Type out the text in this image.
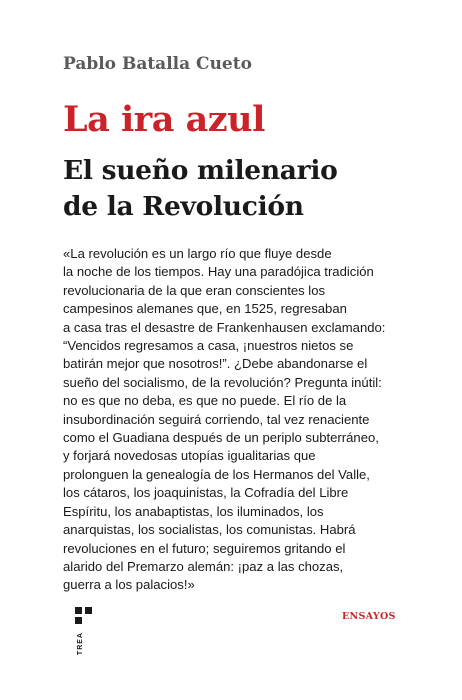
Pablo Batalla Cueto
La ira azul
El sueño milenario
de la Revolución
«La revolución es un largo río que fluye desde
la noche de los tiempos. Hay una paradójica tradición
revolucionaria de la que eran conscientes los
campesinos alemanes que, en 1525, regresaban
a casa tras el desastre de Frankenhausen exclamando:
“Vencidos regresamos a casa, ¡nuestros nietos se
batirán mejor que nosotros!”. ¿Debe abandonarse el
sueño del socialismo, de la revolución? Pregunta inútil:
no es que no deba, es que no puede. El río de la
insubordinación seguirá corriendo, tal vez renaciente
como el Guadiana después de un periplo subterráneo,
y forjará novedosas utopías igualitarias que
prolonguen la genealogía de los Hermanos del Valle,
los cátaros, los joaquinistas, la Cofradía del Libre
Espíritu, los anabaptistas, los iluminados, los
anarquistas, los socialistas, los comunistas. Habrá
revoluciones en el futuro; seguiremos gritando el
alarido del Premarzo alemán: ¡paz a las chozas,
guerra a los palacios!»
TREA
ENSAYOS
